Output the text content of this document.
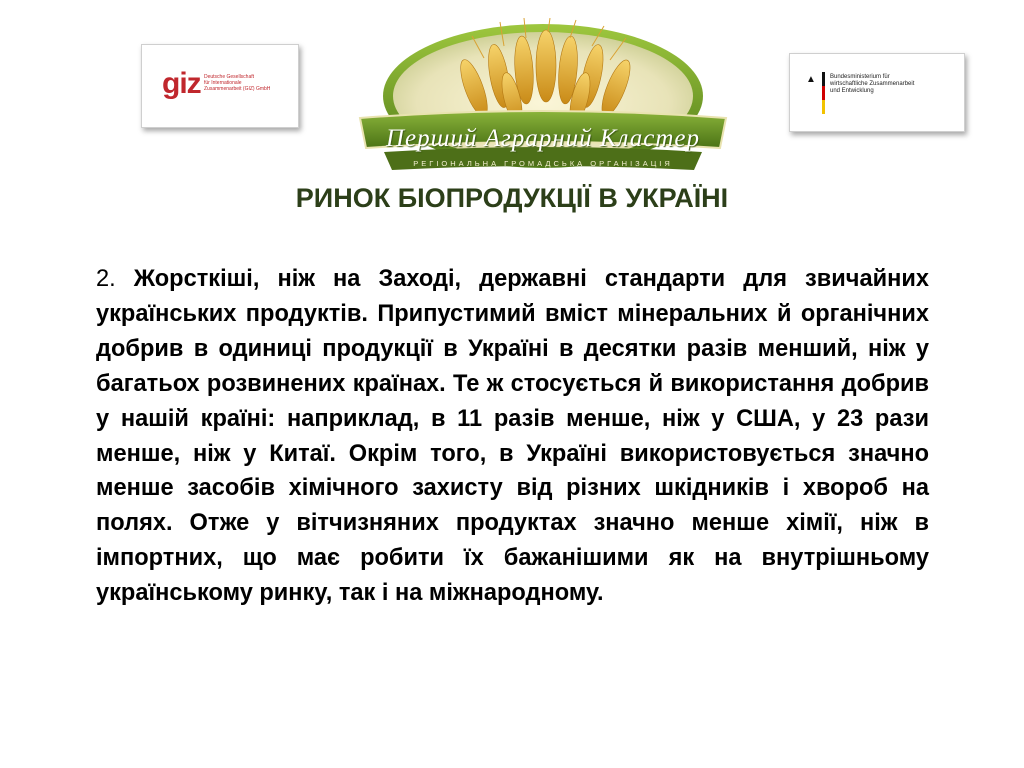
giz Deutsche Gesellschaft
für Internationale
Zusammenarbeit (GIZ) GmbH
▲ Bundesministerium für
wirtschaftliche Zusammenarbeit
und Entwicklung
Перший Аграрний Кластер
РЕГІОНАЛЬНА ГРОМАДСЬКА ОРГАНІЗАЦІЯ
РИНОК БІОПРОДУКЦІЇ В УКРАЇНІ

2. Жорсткіші, ніж на Заході, державні стандарти для звичайних українських продуктів. Припустимий вміст мінеральних й органічних добрив в одиниці продукції в Україні в десятки разів менший, ніж у багатьох розвинених країнах. Те ж стосується й використання добрив у нашій країні: наприклад, в 11 разів менше, ніж у США, у 23 рази менше, ніж у Китаї. Окрім того, в Україні використовується значно менше засобів хімічного захисту від різних шкідників і хвороб на полях. Отже у вітчизняних продуктах значно менше хімії, ніж в імпортних, що має робити їх бажанішими як на внутрішньому українському ринку, так і на міжнародному.
